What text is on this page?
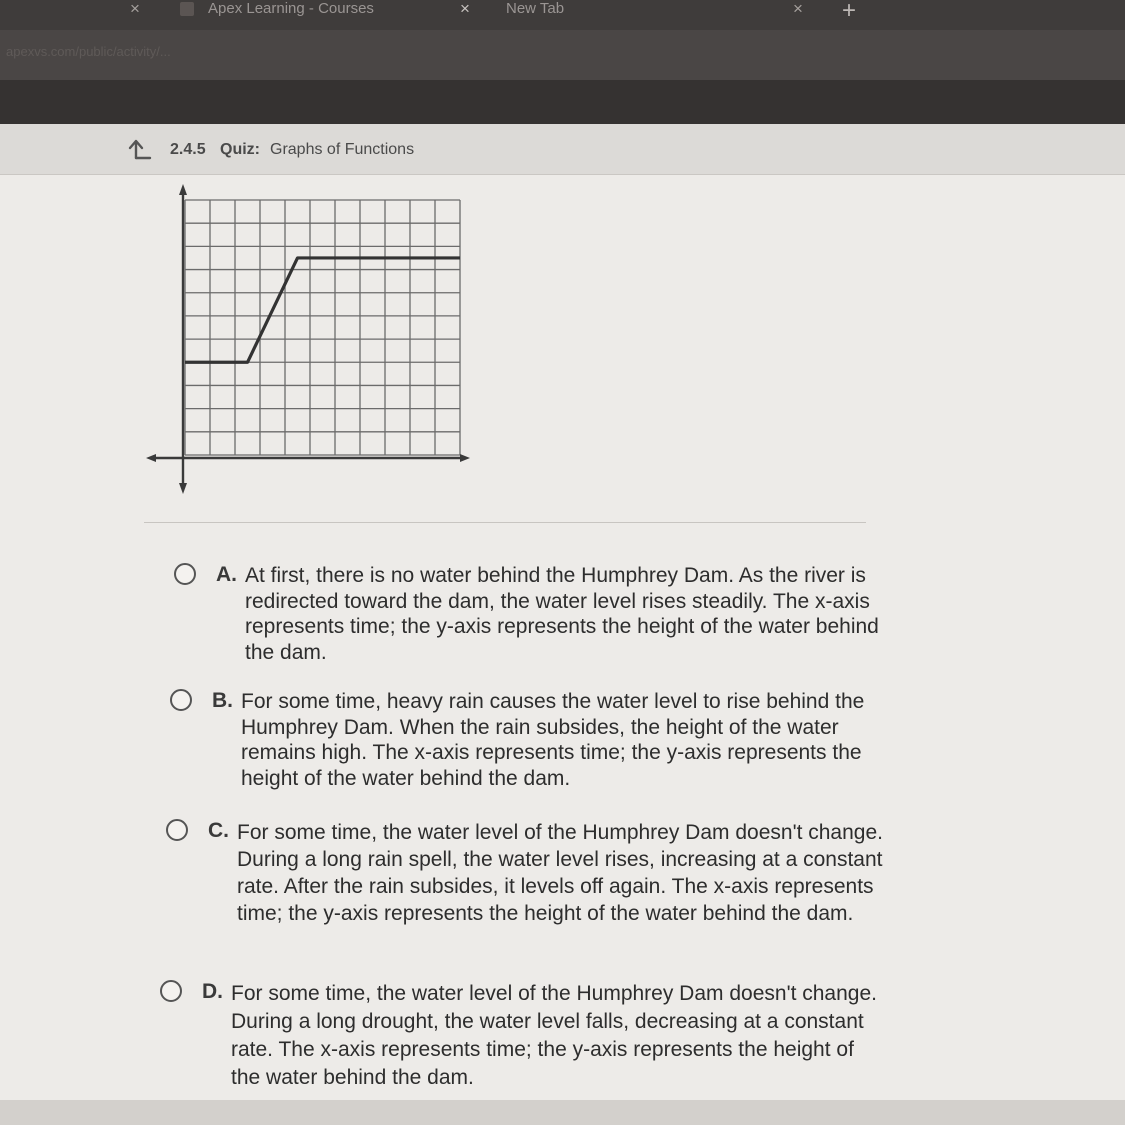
×	Apex Learning - Courses	× New Tab	× +
apexvs.com/public/activity/...
2.4.5 Quiz: Graphs of Functions
A. At first, there is no water behind the Humphrey Dam. As the river is redirected toward the dam, the water level rises steadily. The x-axis represents time; the y-axis represents the height of the water behind the dam.
B. For some time, heavy rain causes the water level to rise behind the Humphrey Dam. When the rain subsides, the height of the water remains high. The x-axis represents time; the y-axis represents the height of the water behind the dam.
C. For some time, the water level of the Humphrey Dam doesn't change. During a long rain spell, the water level rises, increasing at a constant rate. After the rain subsides, it levels off again. The x-axis represents time; the y-axis represents the height of the water behind the dam.
D. For some time, the water level of the Humphrey Dam doesn't change. During a long drought, the water level falls, decreasing at a constant rate. The x-axis represents time; the y-axis represents the height of the water behind the dam.
